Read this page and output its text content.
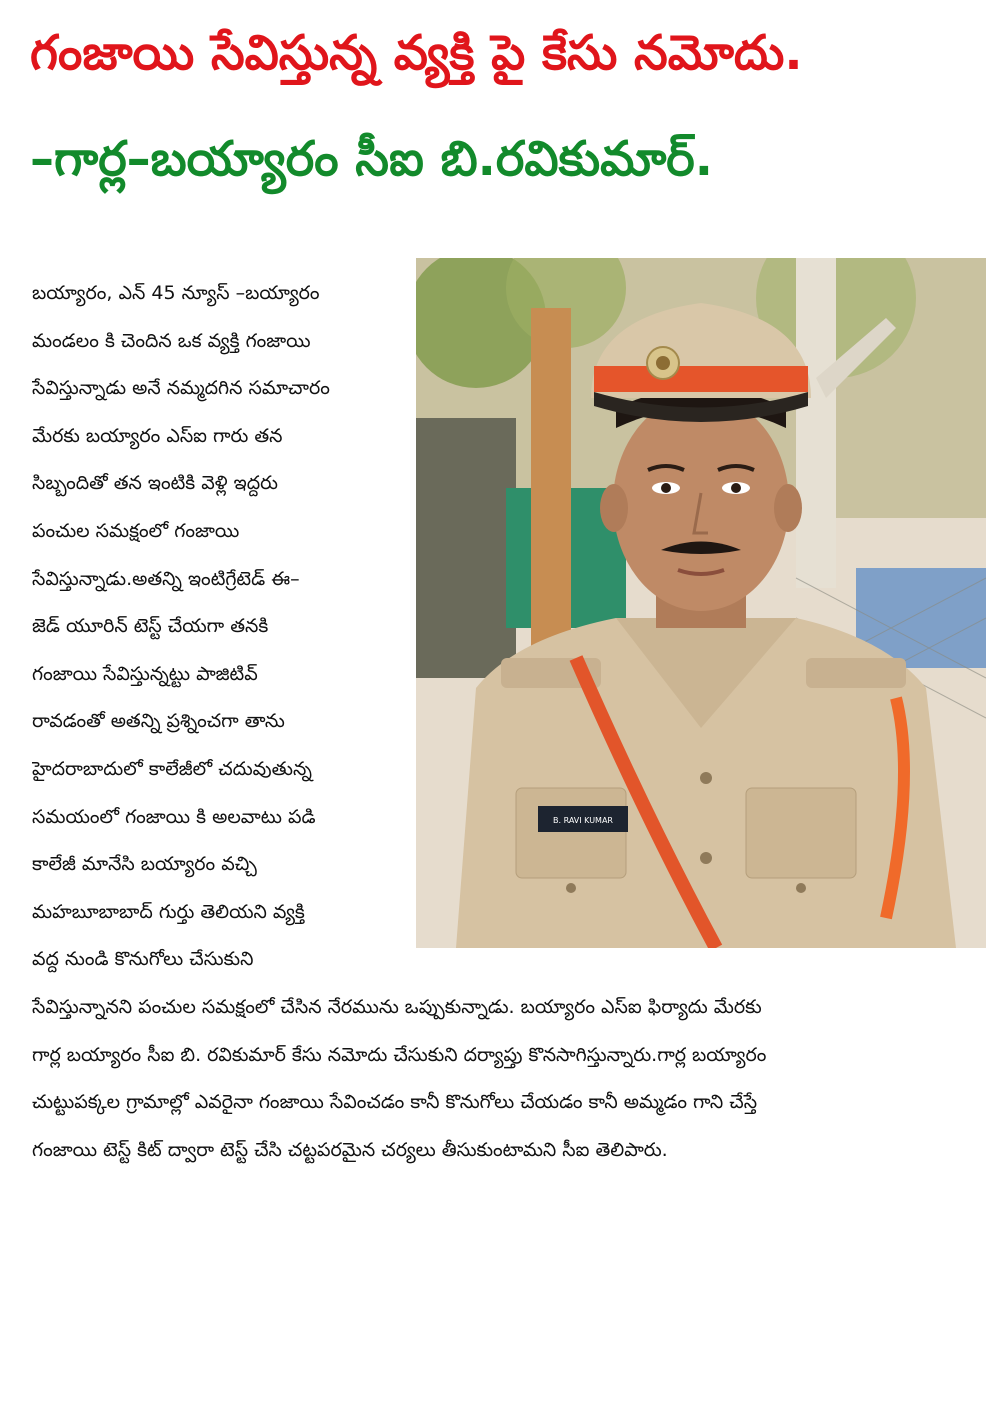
గంజాయి సేవిస్తున్న వ్యక్తి పై కేసు నమోదు.
–గార్ల–బయ్యారం సీఐ బి.రవికుమార్.
బయ్యారం, ఎన్ 45 న్యూస్ –బయ్యారం
మండలం కి చెందిన ఒక వ్యక్తి గంజాయి
సేవిస్తున్నాడు అనే నమ్మదగిన సమాచారం
మేరకు బయ్యారం ఎస్ఐ గారు తన
సిబ్బందితో తన ఇంటికి వెళ్లి ఇద్దరు
పంచుల సమక్షంలో గంజాయి
సేవిస్తున్నాడు.అతన్ని ఇంటిగ్రేటెడ్ ఈ–
జెడ్ యూరిన్ టెస్ట్ చేయగా తనకి
గంజాయి సేవిస్తున్నట్టు పాజిటివ్
రావడంతో అతన్ని ప్రశ్నించగా తాను
హైదరాబాదులో కాలేజీలో చదువుతున్న
సమయంలో గంజాయి కి అలవాటు పడి
కాలేజీ మానేసి బయ్యారం వచ్చి
మహబూబాబాద్ గుర్తు తెలియని వ్యక్తి
వద్ద నుండి కొనుగోలు చేసుకుని
B. RAVI KUMAR
సేవిస్తున్నానని పంచుల సమక్షంలో చేసిన నేరమును ఒప్పుకున్నాడు. బయ్యారం ఎస్ఐ ఫిర్యాదు మేరకు
గార్ల బయ్యారం సీఐ బి. రవికుమార్ కేసు నమోదు చేసుకుని దర్యాప్తు కొనసాగిస్తున్నారు.గార్ల బయ్యారం
చుట్టుపక్కల గ్రామాల్లో ఎవరైనా గంజాయి సేవించడం కానీ కొనుగోలు చేయడం కానీ అమ్మడం గాని చేస్తే
గంజాయి టెస్ట్ కిట్ ద్వారా టెస్ట్ చేసి చట్టపరమైన చర్యలు తీసుకుంటామని సీఐ తెలిపారు.
